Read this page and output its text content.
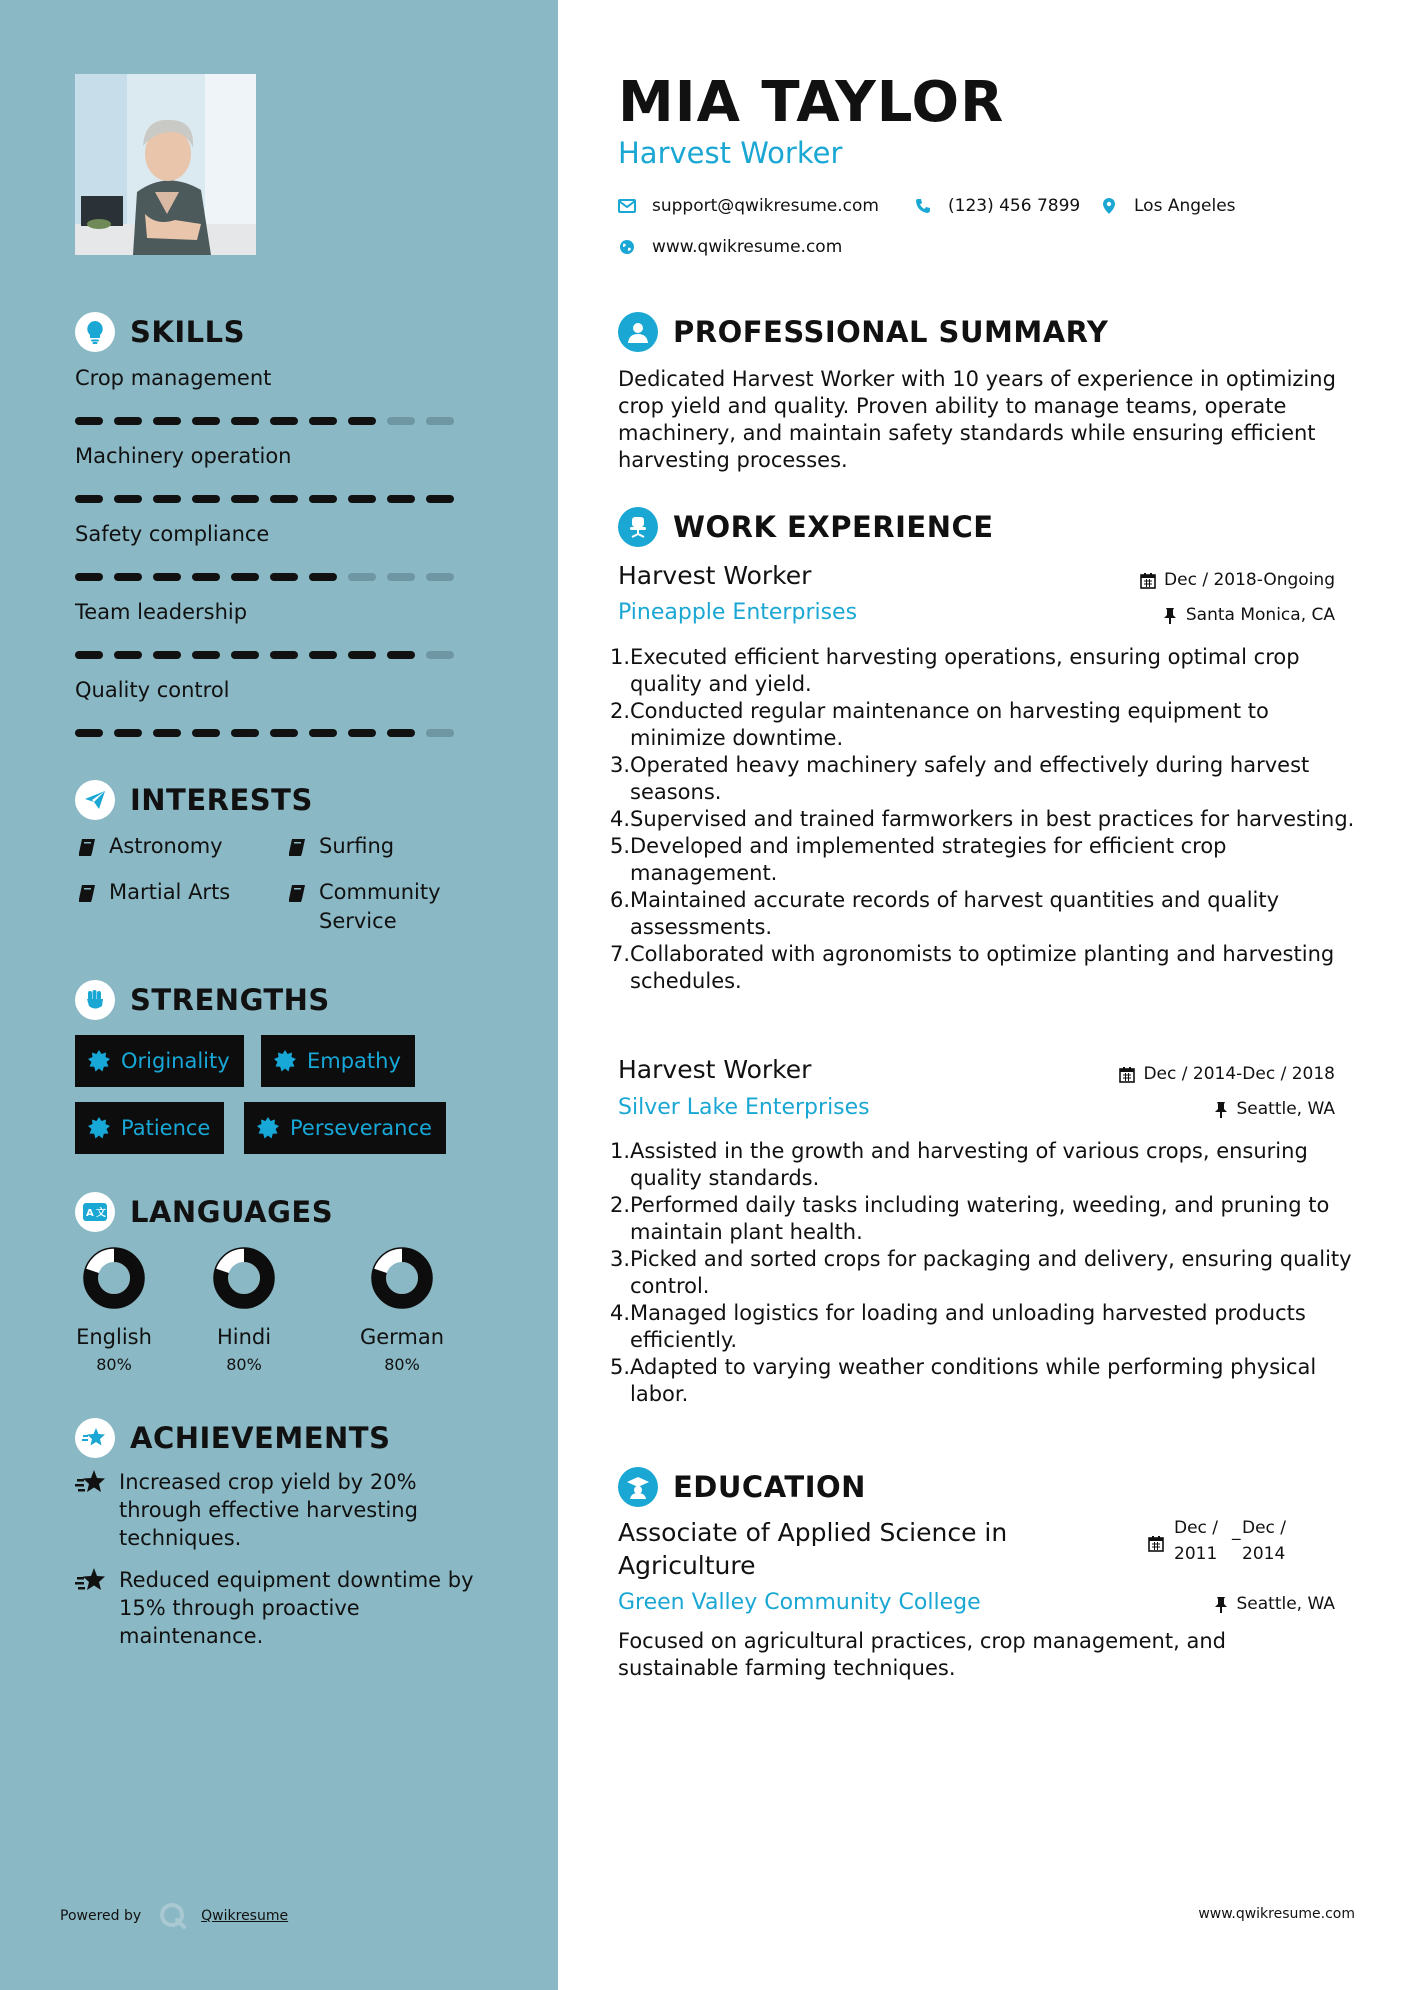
SKILLS
Crop management
Machinery operation
Safety compliance
Team leadership
Quality control
INTERESTS
Astronomy	Surfing
Martial Arts	Community Service
STRENGTHS
Originality	Empathy
Patience	Perseverance
A 文 LANGUAGES
English
80%
Hindi
80%
German
80%
ACHIEVEMENTS
Increased crop yield by 20% through effective harvesting techniques.
Reduced equipment downtime by 15% through proactive maintenance.
Powered by	Qwikresume
MIA TAYLOR
Harvest Worker
support@qwikresume.com	(123) 456 7899	Los Angeles
www.qwikresume.com
PROFESSIONAL SUMMARY
Dedicated Harvest Worker with 10 years of experience in optimizing crop yield and quality. Proven ability to manage teams, operate machinery, and maintain safety standards while ensuring efficient harvesting processes.
WORK EXPERIENCE
Harvest Worker	Dec / 2018-Ongoing
Pineapple Enterprises	Santa Monica, CA
1. Executed efficient harvesting operations, ensuring optimal crop quality and yield.
2. Conducted regular maintenance on harvesting equipment to minimize downtime.
3. Operated heavy machinery safely and effectively during harvest seasons.
4. Supervised and trained farmworkers in best practices for harvesting.
5. Developed and implemented strategies for efficient crop management.
6. Maintained accurate records of harvest quantities and quality assessments.
7. Collaborated with agronomists to optimize planting and harvesting schedules.
Harvest Worker	Dec / 2014-Dec / 2018
Silver Lake Enterprises	Seattle, WA
1. Assisted in the growth and harvesting of various crops, ensuring quality standards.
2. Performed daily tasks including watering, weeding, and pruning to maintain plant health.
3. Picked and sorted crops for packaging and delivery, ensuring quality control.
4. Managed logistics for loading and unloading harvested products efficiently.
5. Adapted to varying weather conditions while performing physical labor.
EDUCATION
Associate of Applied Science in Agriculture
Green Valley Community College	Seattle, WA
Focused on agricultural practices, crop management, and sustainable farming techniques.
www.qwikresume.com
Dec /
2011
_ Dec /
2014
